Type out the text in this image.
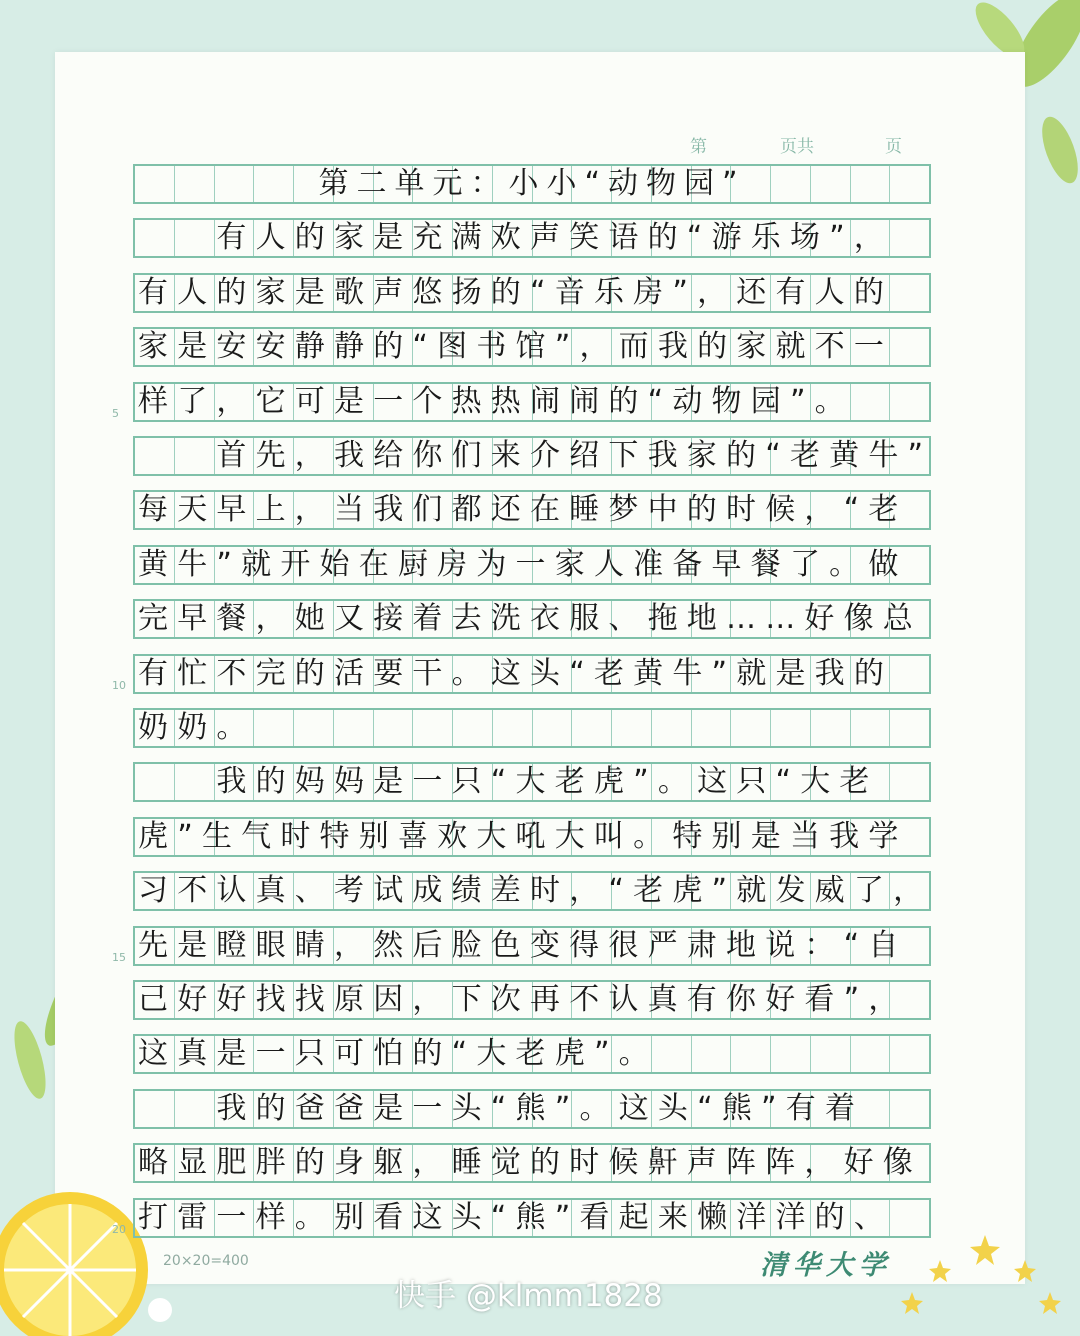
第	页共	页
第二单元：小小“动物园”
　　有人的家是充满欢声笑语的“游乐场”，
有人的家是歌声悠扬的“音乐房”，还有人的
家是安安静静的“图书馆”，而我的家就不一
样了，它可是一个热热闹闹的“动物园”。
　　首先，我给你们来介绍下我家的“老黄牛”
每天早上，当我们都还在睡梦中的时候，“老
黄牛”就开始在厨房为一家人准备早餐了。做
完早餐，她又接着去洗衣服、拖地……好像总
有忙不完的活要干。这头“老黄牛”就是我的
奶奶。
　　我的妈妈是一只“大老虎”。这只“大老
虎”生气时特别喜欢大吼大叫。特别是当我学
习不认真、考试成绩差时，“老虎”就发威了，
先是瞪眼睛，然后脸色变得很严肃地说：“自
己好好找找原因，下次再不认真有你好看”，
这真是一只可怕的“大老虎”。
　　我的爸爸是一头“熊”。这头“熊”有着
略显肥胖的身躯，睡觉的时候鼾声阵阵，好像
打雷一样。别看这头“熊”看起来懒洋洋的、
5
10
15
20
20×20=400	清华大学
快手 @klmm1828
